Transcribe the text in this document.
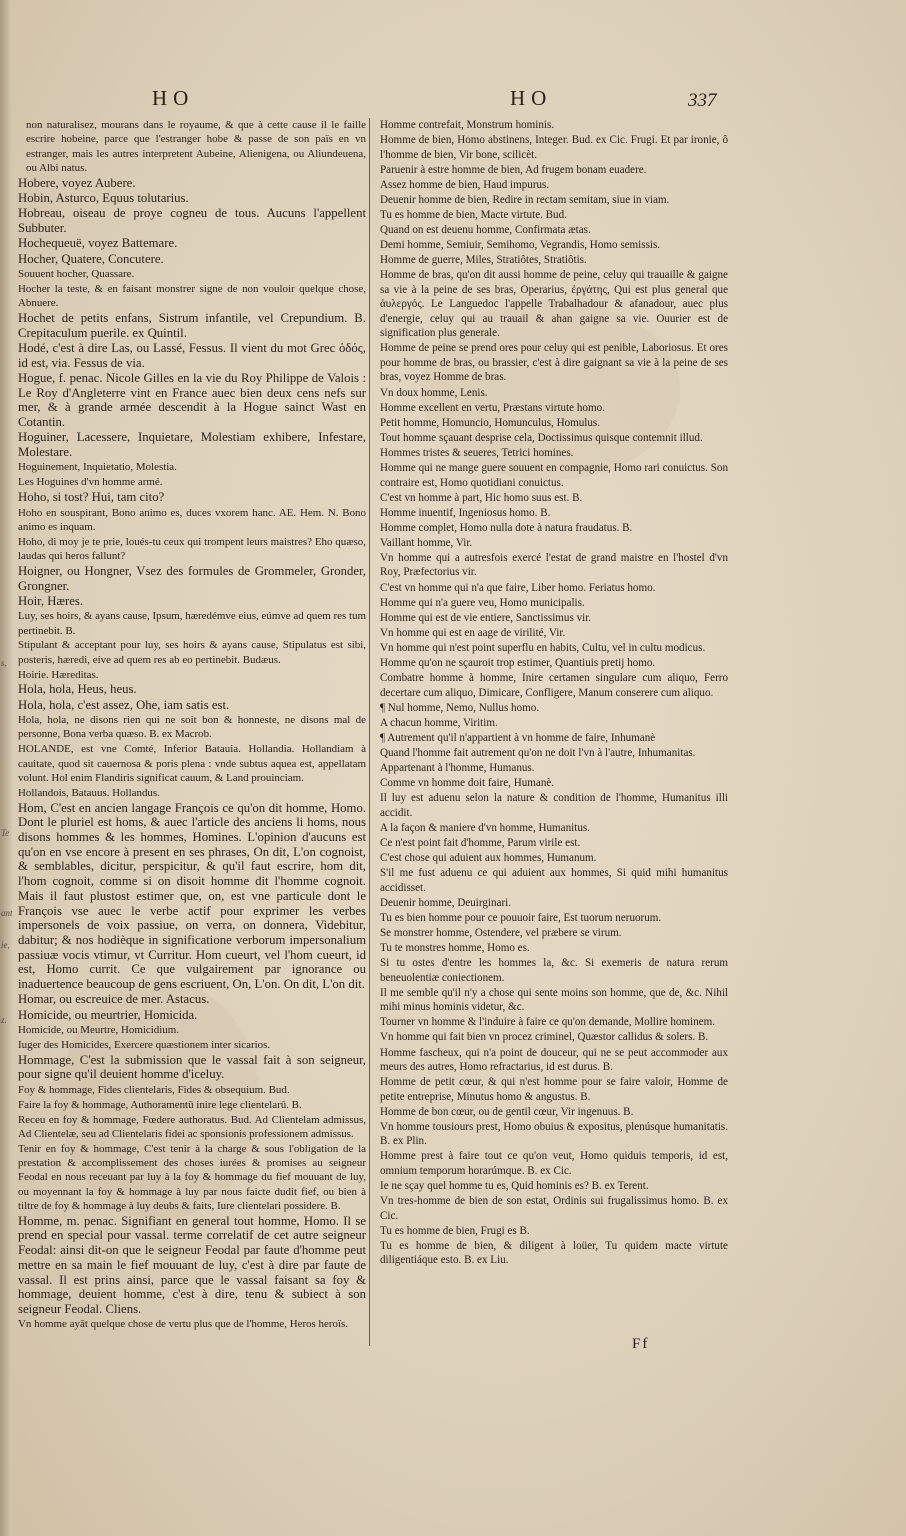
s.
Te
ant
ie,
z.
HO	HO	337

non naturalisez, mourans dans le royaume, & que à cette cause il le faille escrire hobeine, parce que l'estranger hobe & passe de son païs en vn estranger, mais les autres interpretent Aubeine, Alienigena, ou Aliundeuena, ou Albi natus.

Hobere, voyez Aubere.

Hobin, Asturco, Equus tolutarius.

Hobreau, oiseau de proye cogneu de tous. Aucuns l'appellent Subbuter.

Hochequeuë, voyez Battemare.

Hocher, Quatere, Concutere.

Souuent hocher, Quassare.

Hocher la teste, & en faisant monstrer signe de non vouloir quelque chose, Abnuere.

Hochet de petits enfans, Sistrum infantile, vel Crepundium. B. Crepitaculum puerile. ex Quintil.

Hodé, c'est à dire Las, ou Lassé, Fessus. Il vient du mot Grec ὁδός, id est, via. Fessus de via.

Hogue, f. penac. Nicole Gilles en la vie du Roy Philippe de Valois : Le Roy d'Angleterre vint en France auec bien deux cens nefs sur mer, & à grande armée descendit à la Hogue sainct Wast en Cotantin.

Hoguiner, Lacessere, Inquietare, Molestiam exhibere, Infestare, Molestare.

Hoguinement, Inquietatio, Molestia.

Les Hoguines d'vn homme armé.

Hoho, si tost? Hui, tam cito?

Hoho en souspirant, Bono animo es, duces vxorem hanc. AE. Hem. N. Bono animo es inquam.

Hoho, di moy je te prie, loués-tu ceux qui trompent leurs maistres? Eho quæso, laudas qui heros fallunt?

Hoigner, ou Hongner, Vsez des formules de Grommeler, Gronder, Grongner.

Hoir, Hæres.

Luy, ses hoirs, & ayans cause, Ipsum, hæredémve eius, eúmve ad quem res tum pertinebit. B.

Stipulant & acceptant pour luy, ses hoirs & ayans cause, Stipulatus est sibi, posteris, hæredi, eíve ad quem res ab eo pertinebit. Budæus.

Hoirie. Hæreditas.

Hola, hola, Heus, heus.

Hola, hola, c'est assez, Ohe, iam satis est.

Hola, hola, ne disons rien qui ne soit bon & honneste, ne disons mal de personne, Bona verba quæso. B. ex Macrob.

HOLANDE, est vne Comté, Inferior Batauia. Hollandia. Hollandiam à cauitate, quod sit cauernosa & poris plena : vnde subtus aquea est, appellatam volunt. Hol enim Flandiris significat cauum, & Land prouinciam.

Hollandois, Batauus. Hollandus.

Hom, C'est en ancien langage François ce qu'on dit homme, Homo. Dont le pluriel est homs, & auec l'article des anciens li homs, nous disons hommes & les hommes, Homines. L'opinion d'aucuns est qu'on en vse encore à present en ses phrases, On dit, L'on cognoist, & semblables, dicitur, perspicitur, & qu'il faut escrire, hom dit, l'hom cognoit, comme si on disoit homme dit l'homme cognoit. Mais il faut plustost estimer que, on, est vne particule dont le François vse auec le verbe actif pour exprimer les verbes impersonels de voix passiue, on verra, on donnera, Videbitur, dabitur; & nos hodièque in significatione verborum impersonalium passiuæ vocis vtimur, vt Curritur. Hom cueurt, vel l'hom cueurt, id est, Homo currit. Ce que vulgairement par ignorance ou inaduertence beaucoup de gens escriuent, On, L'on. On dit, L'on dit.

Homar, ou escreuice de mer. Astacus.

Homicide, ou meurtrier, Homicida.

Homicide, ou Meurtre, Homicidium.

Iuger des Homicides, Exercere quæstionem inter sicarios.

Hommage, C'est la submission que le vassal fait à son seigneur, pour signe qu'il deuient homme d'iceluy.

Foy & hommage, Fides clientelaris, Fides & obsequium. Bud.

Faire la foy & hommage, Authoramentū inire lege clientelarū. B.

Receu en foy & hommage, Fœdere authoratus. Bud. Ad Clientelam admissus, Ad Clientelæ, seu ad Clientelaris fidei ac sponsionis professionem admissus.

Tenir en foy & hommage, C'est tenir à la charge & sous l'obligation de la prestation & accomplissement des choses iurées & promises au seigneur Feodal en nous receuant par luy à la foy & hommage du fief mouuant de luy, ou moyennant la foy & hommage à luy par nous faicte dudit fief, ou bien à tiltre de foy & hommage à luy deubs & faits, Iure clientelari possidere. B.

Homme, m. penac. Signifiant en general tout homme, Homo. Il se prend en special pour vassal. terme correlatif de cet autre seigneur Feodal: ainsi dit-on que le seigneur Feodal par faute d'homme peut mettre en sa main le fief mouuant de luy, c'est à dire par faute de vassal. Il est prins ainsi, parce que le vassal faisant sa foy & hommage, deuient homme, c'est à dire, tenu & subiect à son seigneur Feodal. Cliens.

Vn homme ayāt quelque chose de vertu plus que de l'homme, Heros heroïs.

Homme contrefait, Monstrum hominis.

Homme de bien, Homo abstinens, Integer. Bud. ex Cic. Frugi. Et par ironie, ô l'homme de bien, Vir bone, scilicèt.

Paruenir à estre homme de bien, Ad frugem bonam euadere.

Assez homme de bien, Haud impurus.

Deuenir homme de bien, Redire in rectam semitam, siue in viam.

Tu es homme de bien, Macte virtute. Bud.

Quand on est deuenu homme, Confirmata ætas.

Demi homme, Semiuir, Semihomo, Vegrandis, Homo semissis.

Homme de guerre, Miles, Stratiôtes, Stratiôtis.

Homme de bras, qu'on dit aussi homme de peine, celuy qui trauaille & gaigne sa vie à la peine de ses bras, Operarius, ἐργάτης, Qui est plus general que ἀυλεργός. Le Languedoc l'appelle Trabalhadour & afanadour, auec plus d'energie, celuy qui au trauail & ahan gaigne sa vie. Ouurier est de signification plus generale.

Homme de peine se prend ores pour celuy qui est penible, Laboriosus. Et ores pour homme de bras, ou brassier, c'est à dire gaignant sa vie à la peine de ses bras, voyez Homme de bras.

Vn doux homme, Lenis.

Homme excellent en vertu, Præstans virtute homo.

Petit homme, Homuncio, Homunculus, Homulus.

Tout homme sçauant desprise cela, Doctissimus quisque contemnit illud.

Hommes tristes & seueres, Tetrici homines.

Homme qui ne mange guere souuent en compagnie, Homo rari conuictus. Son contraire est, Homo quotidiani conuictus.

C'est vn homme à part, Hic homo suus est. B.

Homme inuentif, Ingeniosus homo. B.

Homme complet, Homo nulla dote à natura fraudatus. B.

Vaillant homme, Vir.

Vn homme qui a autresfois exercé l'estat de grand maistre en l'hostel d'vn Roy, Præfectorius vir.

C'est vn homme qui n'a que faire, Liber homo. Feriatus homo.

Homme qui n'a guere veu, Homo municipalis.

Homme qui est de vie entiere, Sanctissimus vir.

Vn homme qui est en aage de virilité, Vir.

Vn homme qui n'est point superflu en habits, Cultu, vel in cultu modicus.

Homme qu'on ne sçauroit trop estimer, Quantiuis pretij homo.

Combatre homme à homme, Inire certamen singulare cum aliquo, Ferro decertare cum aliquo, Dimicare, Confligere, Manum conserere cum aliquo.

¶ Nul homme, Nemo, Nullus homo.

A chacun homme, Viritim.

¶ Autrement qu'il n'appartient à vn homme de faire, Inhumanè

Quand l'homme fait autrement qu'on ne doit l'vn à l'autre, Inhumanitas.

Appartenant à l'homme, Humanus.

Comme vn homme doit faire, Humanè.

Il luy est aduenu selon la nature & condition de l'homme, Humanitus illi accidit.

A la façon & maniere d'vn homme, Humanitus.

Ce n'est point fait d'homme, Parum virile est.

C'est chose qui aduient aux hommes, Humanum.

S'il me fust aduenu ce qui aduient aux hommes, Si quid mihi humanitus accidisset.

Deuenir homme, Deuirginari.

Tu es bien homme pour ce pouuoir faire, Est tuorum neruorum.

Se monstrer homme, Ostendere, vel præbere se virum.

Tu te monstres homme, Homo es.

Si tu ostes d'entre les hommes la, &c. Si exemeris de natura rerum beneuolentiæ coniectionem.

Il me semble qu'il n'y a chose qui sente moins son homme, que de, &c. Nihil mihi minus hominis videtur, &c.

Tourner vn homme & l'induire à faire ce qu'on demande, Mollire hominem.

Vn homme qui fait bien vn procez criminel, Quæstor callidus & solers. B.

Homme fascheux, qui n'a point de douceur, qui ne se peut accommoder aux meurs des autres, Homo refractarius, id est durus. B.

Homme de petit cœur, & qui n'est homme pour se faire valoir, Homme de petite entreprise, Minutus homo & angustus. B.

Homme de bon cœur, ou de gentil cœur, Vir ingenuus. B.

Vn homme tousiours prest, Homo obuius & expositus, plenúsque humanitatis. B. ex Plin.

Homme prest à faire tout ce qu'on veut, Homo quiduis temporis, id est, omnium temporum horarúmque. B. ex Cic.

Ie ne sçay quel homme tu es, Quid hominis es? B. ex Terent.

Vn tres-homme de bien de son estat, Ordinis sui frugalissimus homo. B. ex Cic.

Tu es homme de bien, Frugi es B.

Tu es homme de bien, & diligent à loüer, Tu quidem macte virtute diligentiáque esto. B. ex Liu.

Ff
